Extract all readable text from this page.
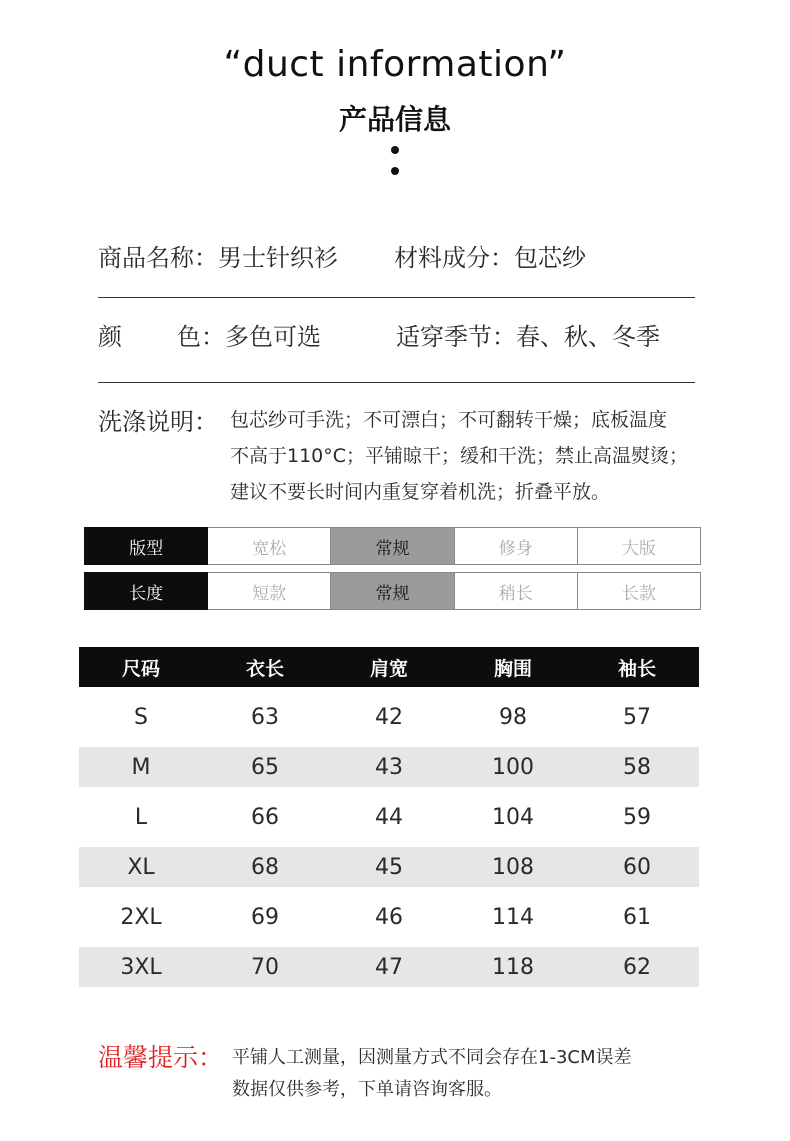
“duct information”
产品信息
商品名称：男士针织衫 材料成分：包芯纱
颜 色：多色可选	适穿季节：春、秋、冬季
洗涤说明： 包芯纱可手洗；不可漂白；不可翻转干燥；底板温度
不高于110°C；平铺晾干；缓和干洗；禁止高温熨烫；
建议不要长时间内重复穿着机洗；折叠平放。
版型	宽松	常规	修身	大版
长度	短款	常规	稍长	长款
尺码	衣长	肩宽	胸围	袖长
S	63	42	98	57
M	65	43	100	58
L	66	44	104	59
XL	68	45	108	60
2XL	69	46	114	61
3XL	70	47	118	62
温馨提示： 平铺人工测量，因测量方式不同会存在1-3CM误差
数据仅供参考，下单请咨询客服。
